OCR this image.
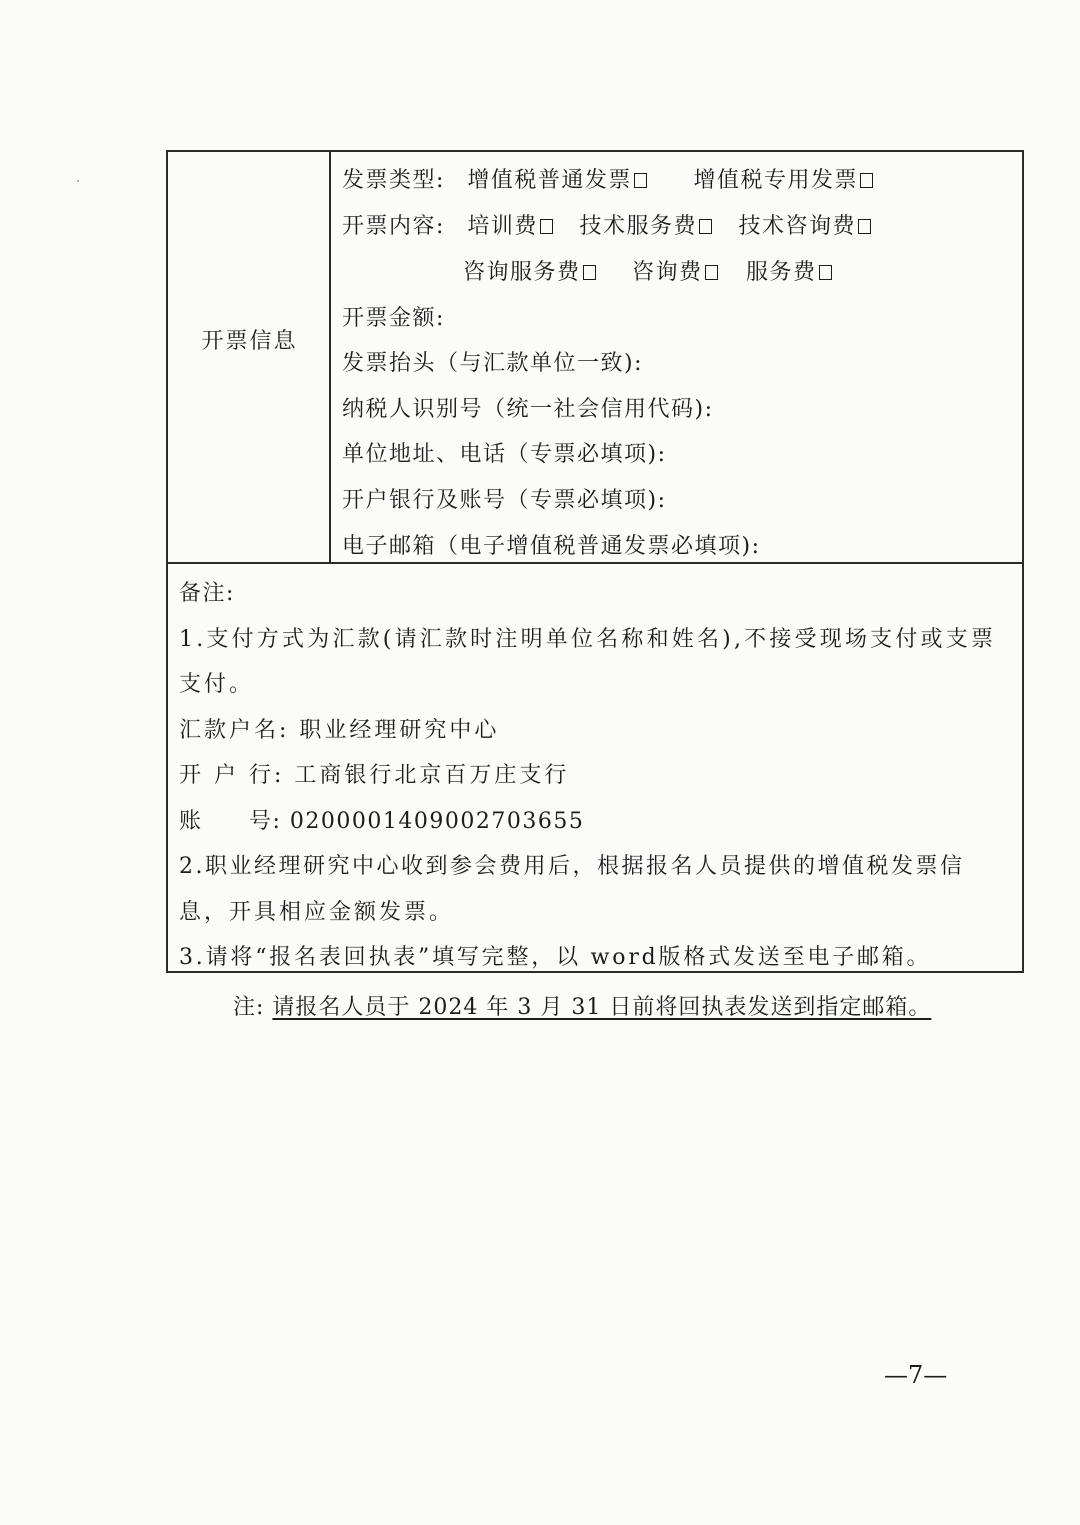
开票信息
发票类型: 增值税普通发票	增值税专用发票
开票内容: 培训费 技术服务费 技术咨询费
咨询服务费 咨询费 服务费
开票金额:
发票抬头（与汇款单位一致):
纳税人识别号（统一社会信用代码):
单位地址、电话（专票必填项):
开户银行及账号（专票必填项):
电子邮箱（电子增值税普通发票必填项):
备注:
1.支付方式为汇款(请汇款时注明单位名称和姓名),不接受现场支付或支票
支付。
汇款户名: 职业经理研究中心
开 户 行: 工商银行北京百万庄支行
账 号: 0200001409002703655
2.职业经理研究中心收到参会费用后，根据报名人员提供的增值税发票信
息，开具相应金额发票。
3.请将“报名表回执表”填写完整，以 word版格式发送至电子邮箱。
注: 请报名人员于 2024 年 3 月 31 日前将回执表发送到指定邮箱。
—7—
